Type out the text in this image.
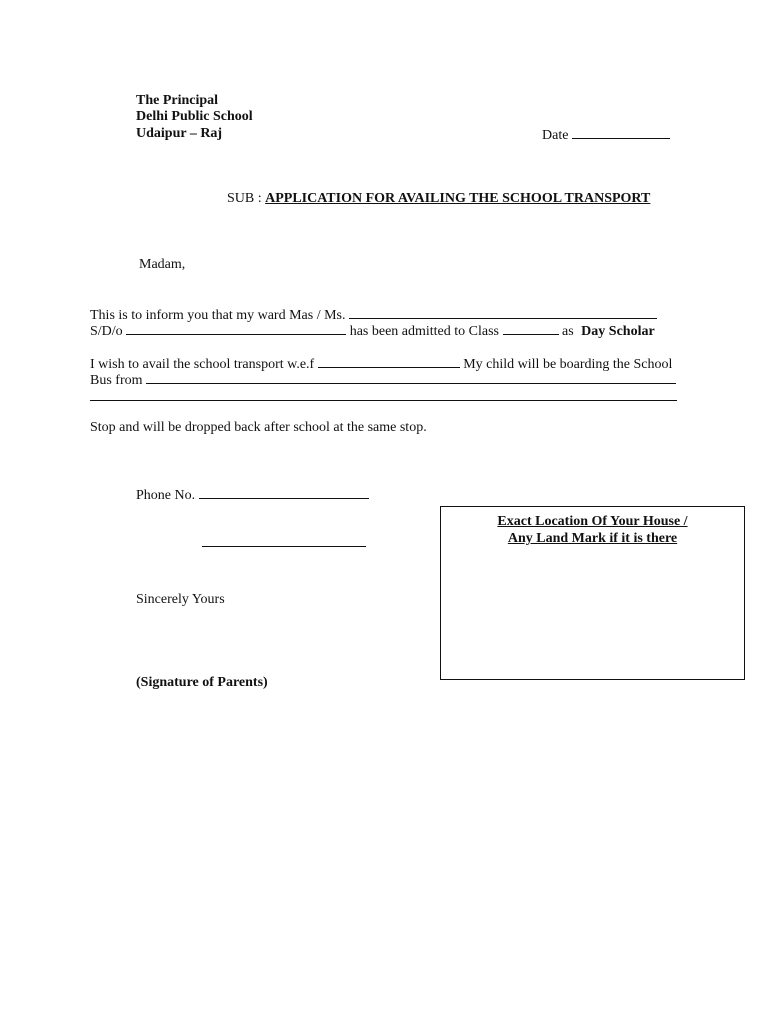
The Principal
Delhi Public School
Udaipur – Raj	Date
SUB : APPLICATION FOR AVAILING THE SCHOOL TRANSPORT
Madam,
This is to inform you that my ward Mas / Ms.
S/D/o	has been admitted to Class	as Day Scholar
I wish to avail the school transport w.e.f	My child will be boarding the School
Bus from
Stop and will be dropped back after school at the same stop.
Phone No.
Sincerely Yours
(Signature of Parents)
Exact Location Of Your House /
Any Land Mark if it is there
